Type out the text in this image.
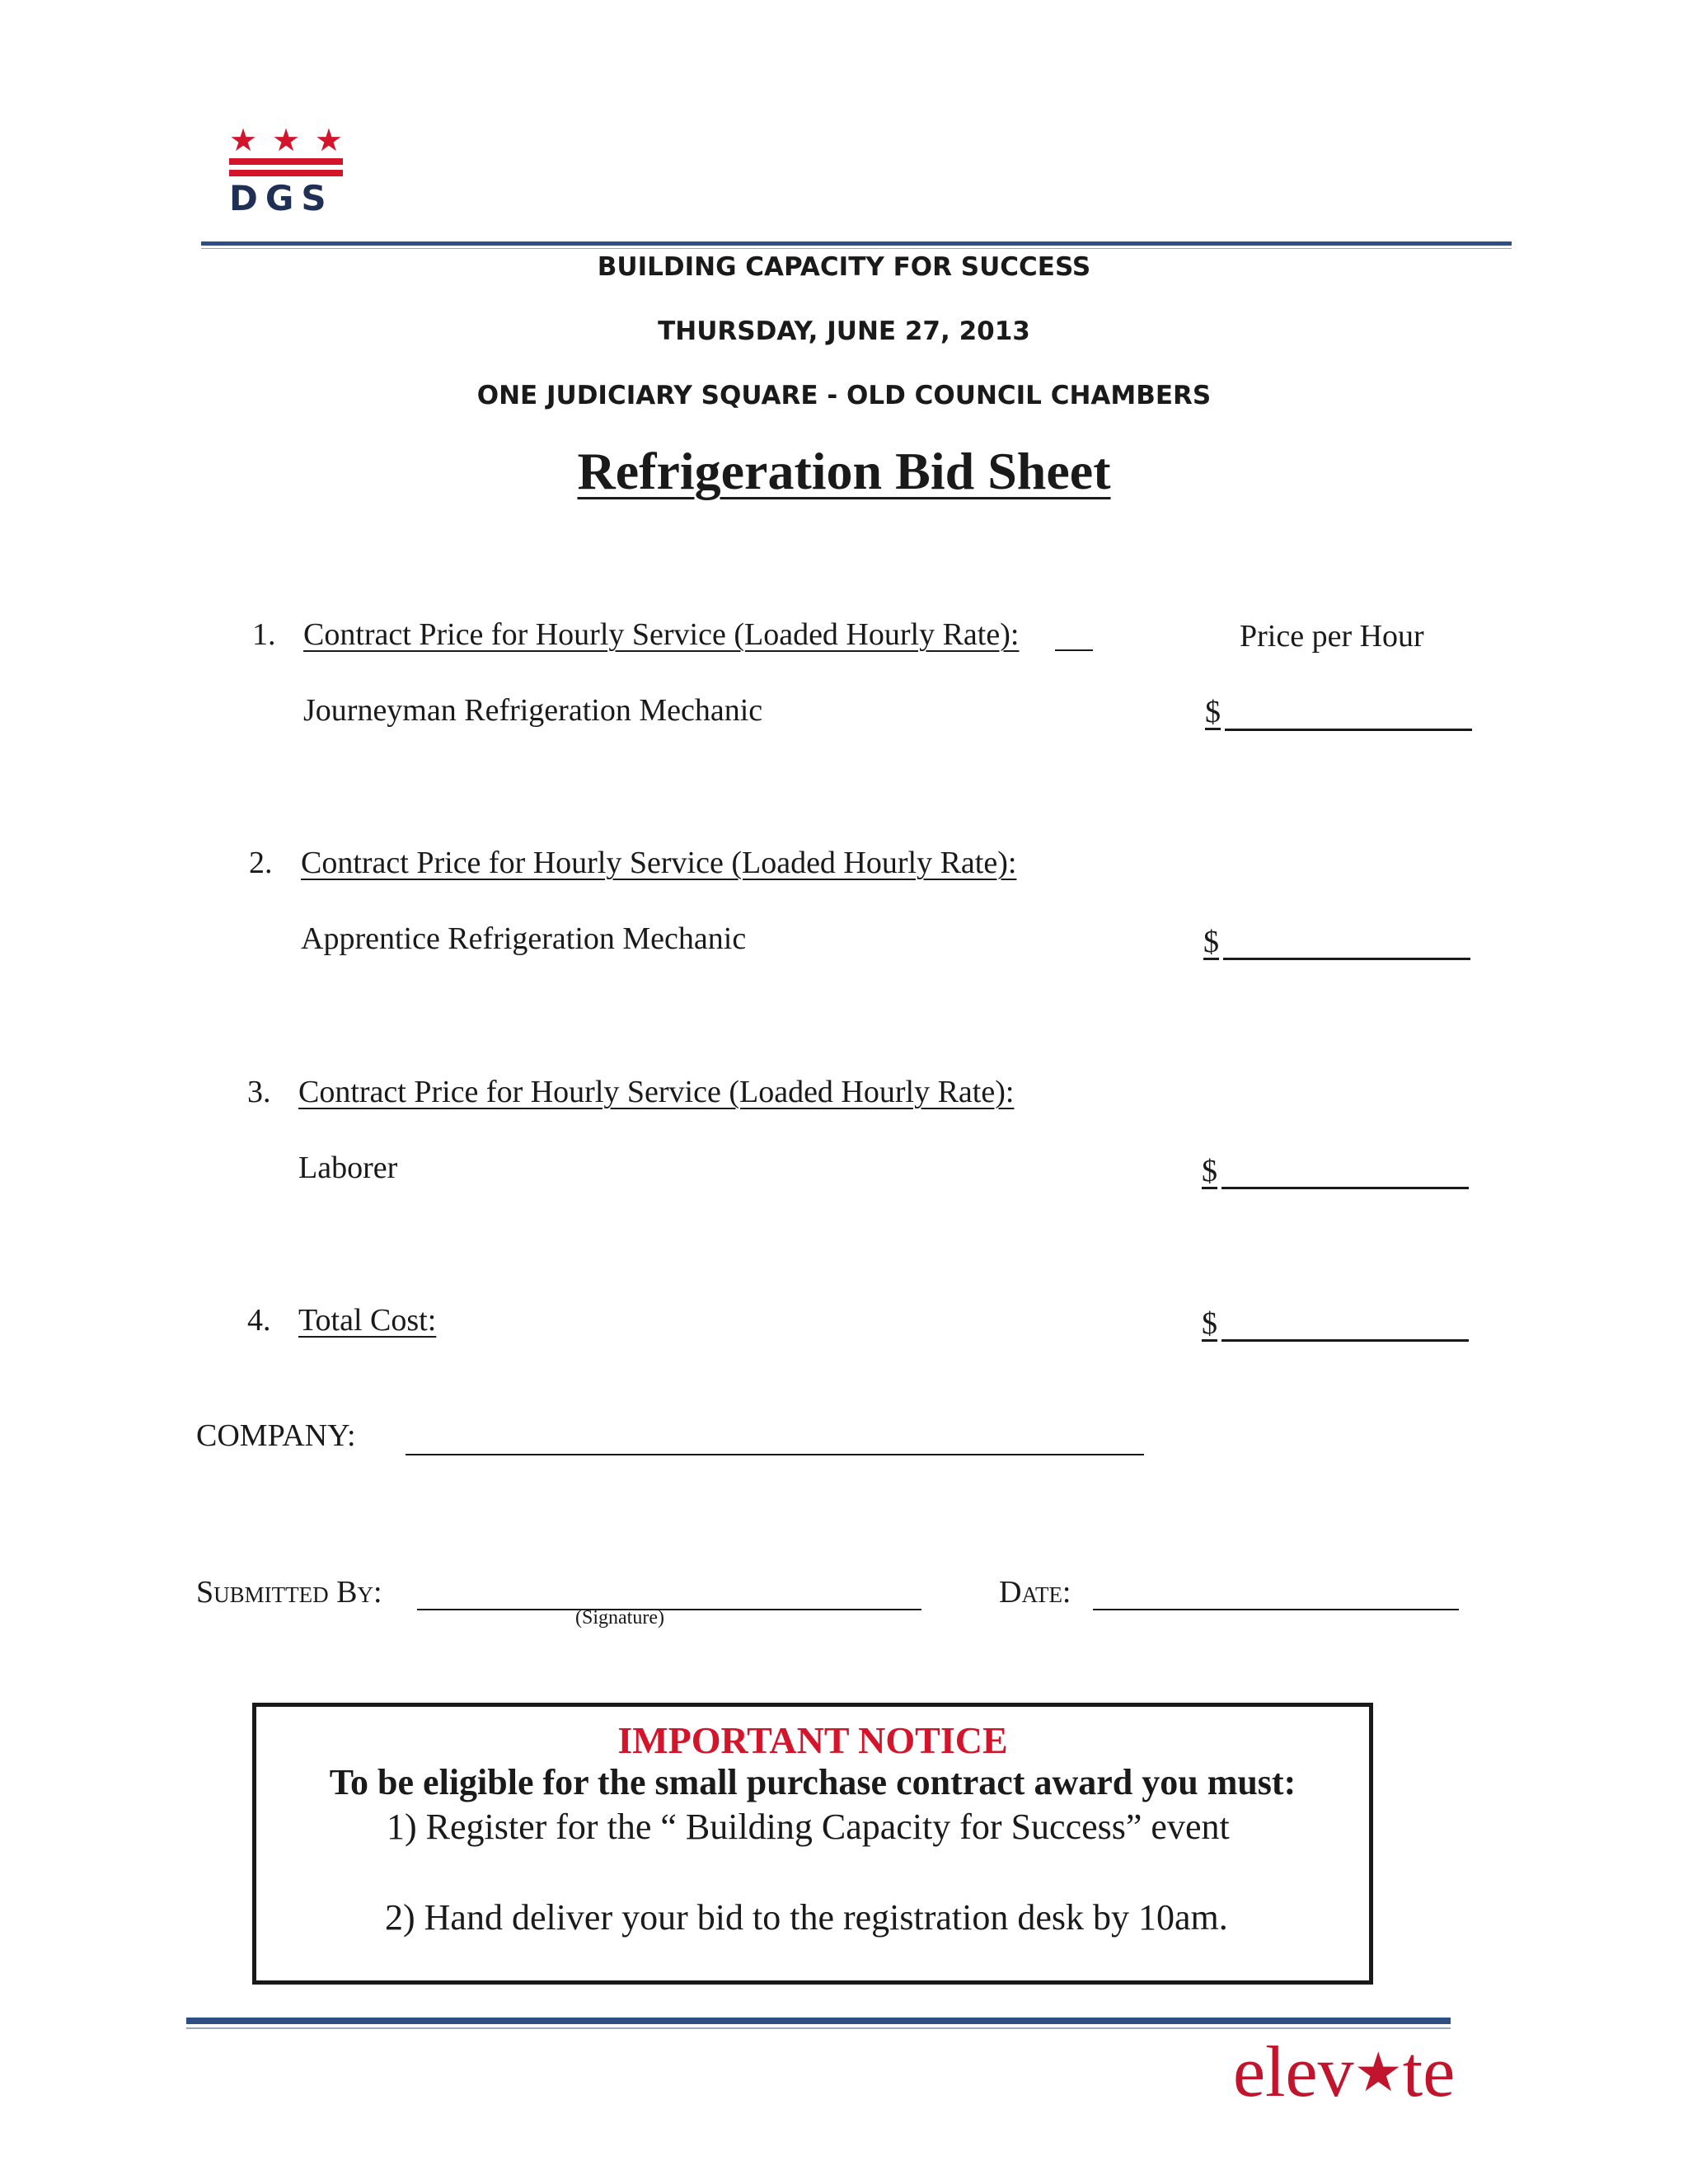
★ ★ ★
DGS
BUILDING CAPACITY FOR SUCCESS
THURSDAY, JUNE 27, 2013
ONE JUDICIARY SQUARE - OLD COUNCIL CHAMBERS
Refrigeration Bid Sheet
Price per Hour
1. Contract Price for Hourly Service (Loaded Hourly Rate):
Journeyman Refrigeration Mechanic	$
2. Contract Price for Hourly Service (Loaded Hourly Rate):
Apprentice Refrigeration Mechanic	$
3. Contract Price for Hourly Service (Loaded Hourly Rate):
Laborer	$
4. Total Cost:	$
COMPANY:
Submitted By:
(Signature)
Date:
IMPORTANT NOTICE
To be eligible for the small purchase contract award you must:
1) Register for the “ Building Capacity for Success” event
2) Hand deliver your bid to the registration desk by 10am.
elev★te
